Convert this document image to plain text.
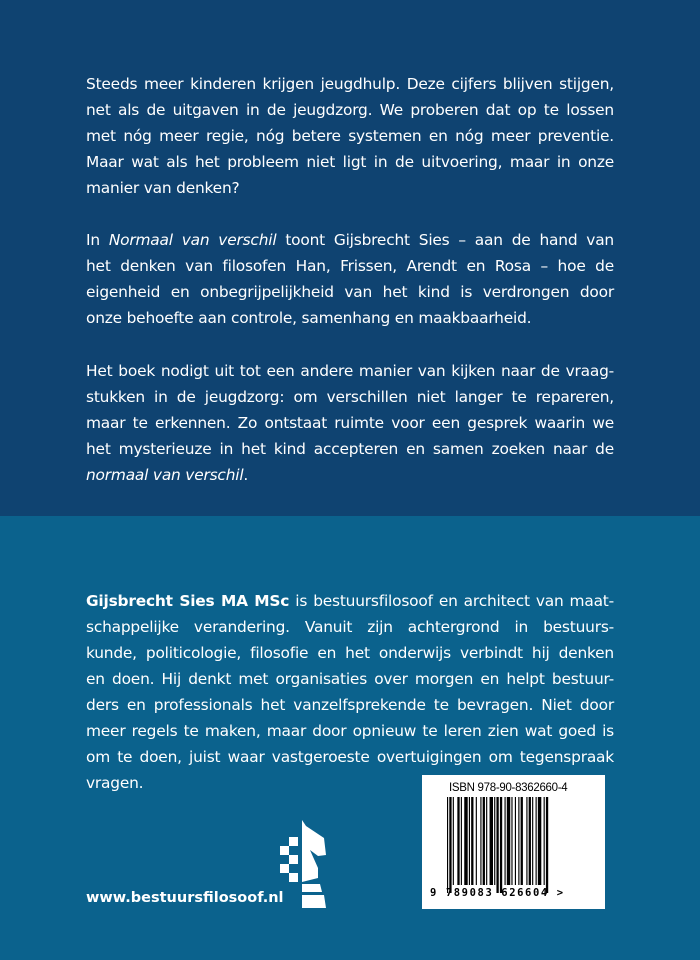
Steeds meer kinderen krijgen jeugdhulp. Deze cijfers blijven stijgen,
net als de uitgaven in de jeugdzorg. We proberen dat op te lossen
met nóg meer regie, nóg betere systemen en nóg meer preventie.
Maar wat als het probleem niet ligt in de uitvoering, maar in onze
manier van denken?
In Normaal van verschil toont Gijsbrecht Sies – aan de hand van
het denken van filosofen Han, Frissen, Arendt en Rosa – hoe de
eigenheid en onbegrijpelijkheid van het kind is verdrongen door
onze behoefte aan controle, samenhang en maakbaarheid.
Het boek nodigt uit tot een andere manier van kijken naar de vraag-
stukken in de jeugdzorg: om verschillen niet langer te repareren,
maar te erkennen. Zo ontstaat ruimte voor een gesprek waarin we
het mysterieuze in het kind accepteren en samen zoeken naar de
normaal van verschil.
Gijsbrecht Sies MA MSc is bestuursfilosoof en architect van maat-
schappelijke verandering. Vanuit zijn achtergrond in bestuurs-
kunde, politicologie, filosofie en het onderwijs verbindt hij denken
en doen. Hij denkt met organisaties over morgen en helpt bestuur-
ders en professionals het vanzelfsprekende te bevragen. Niet door
meer regels te maken, maar door opnieuw te leren zien wat goed is
om te doen, juist waar vastgeroeste overtuigingen om tegenspraak
vragen.
www.bestuursfilosoof.nl
ISBN 978-90-8362660-4
9 789083 626604 >
